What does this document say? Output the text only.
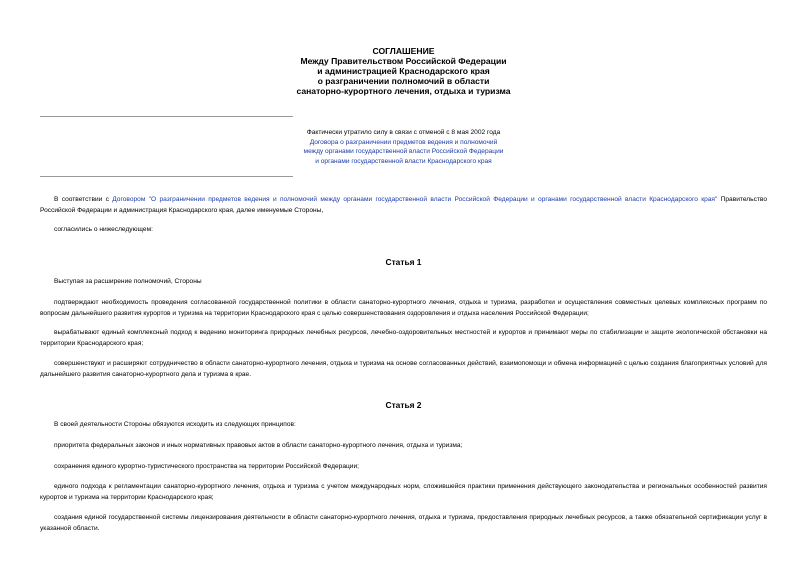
СОГЛАШЕНИЕ
Между Правительством Российской Федерации
и администрацией Краснодарского края
о разграничении полномочий в области
санаторно-курортного лечения, отдыха и туризма
Фактически утратило силу в связи с отменой с 8 мая 2002 года
Договора о разграничении предметов ведения и полномочий
между органами государственной власти Российской Федерации
и органами государственной власти Краснодарского края
В соответствии с Договором "О разграничении предметов ведения и полномочий между органами государственной власти Российской Федерации и органами государственной власти Краснодарского края" Правительство Российской Федерации и администрация Краснодарского края, далее именуемые Стороны,
согласились о нижеследующем:
Статья 1
Выступая за расширение полномочий, Стороны
подтверждают необходимость проведения согласованной государственной политики в области санаторно-курортного лечения, отдыха и туризма, разработки и осуществления совместных целевых комплексных программ по вопросам дальнейшего развития курортов и туризма на территории Краснодарского края с целью совершенствования оздоровления и отдыха населения Российской Федерации;
вырабатывают единый комплексный подход к ведению мониторинга природных лечебных ресурсов, лечебно-оздоровительных местностей и курортов и принимают меры по стабилизации и защите экологической обстановки на территории Краснодарского края;
совершенствуют и расширяют сотрудничество в области санаторно-курортного лечения, отдыха и туризма на основе согласованных действий, взаимопомощи и обмена информацией с целью создания благоприятных условий для дальнейшего развития санаторно-курортного дела и туризма в крае.
Статья 2
В своей деятельности Стороны обязуются исходить из следующих принципов:
приоритета федеральных законов и иных нормативных правовых актов в области санаторно-курортного лечения, отдыха и туризма;
сохранения единого курортно-туристического пространства на территории Российской Федерации;
единого подхода к регламентации санаторно-курортного лечения, отдыха и туризма с учетом международных норм, сложившейся практики применения действующего законодательства и региональных особенностей развития курортов и туризма на территории Краснодарского края;
создания единой государственной системы лицензирования деятельности в области санаторно-курортного лечения, отдыха и туризма, предоставления природных лечебных ресурсов, а также обязательной сертификации услуг в указанной области.
